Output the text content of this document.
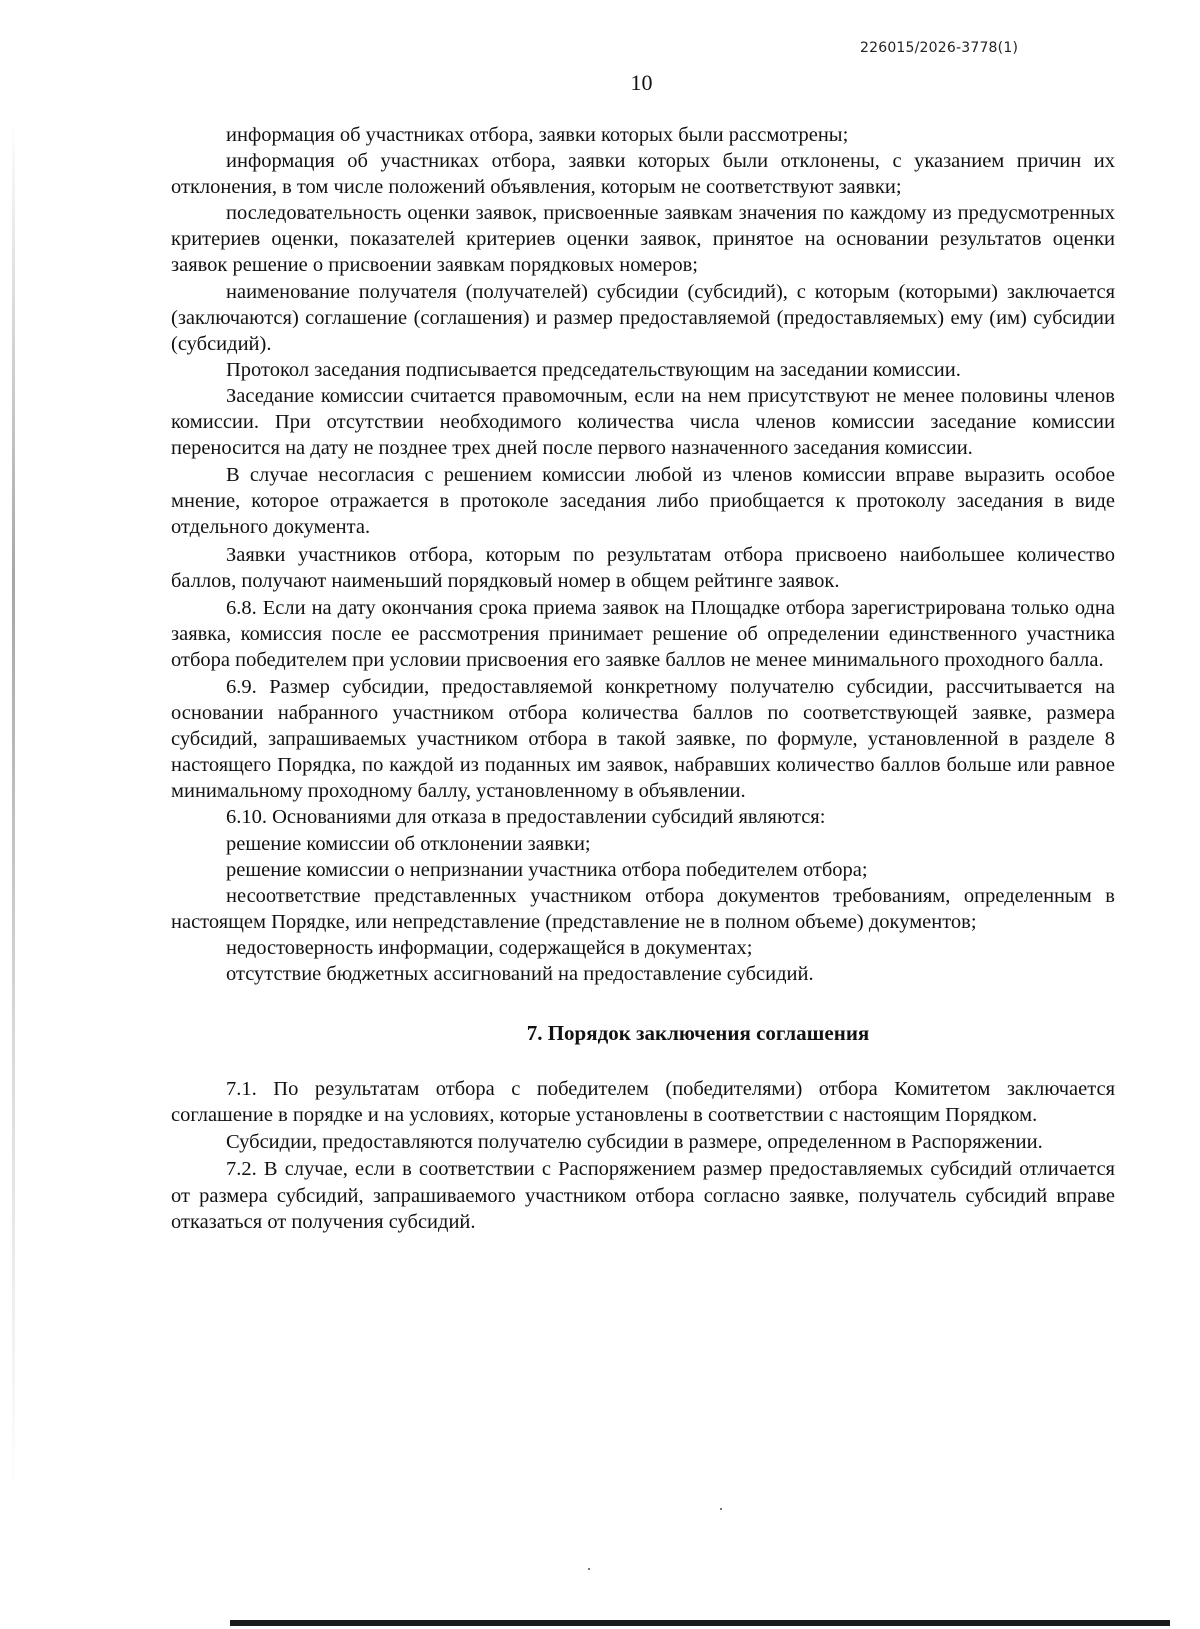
226015/2026-3778(1)
10

информация об участниках отбора, заявки которых были рассмотрены;

информация об участниках отбора, заявки которых были отклонены, с указанием причин их отклонения, в том числе положений объявления, которым не соответствуют заявки;

последовательность оценки заявок, присвоенные заявкам значения по каждому из предусмотренных критериев оценки, показателей критериев оценки заявок, принятое на основании результатов оценки заявок решение о присвоении заявкам порядковых номеров;

наименование получателя (получателей) субсидии (субсидий), с которым (которыми) заключается (заключаются) соглашение (соглашения) и размер предоставляемой (предоставляемых) ему (им) субсидии (субсидий).

Протокол заседания подписывается председательствующим на заседании комиссии.

Заседание комиссии считается правомочным, если на нем присутствуют не менее половины членов комиссии. При отсутствии необходимого количества числа членов комиссии заседание комиссии переносится на дату не позднее трех дней после первого назначенного заседания комиссии.

В случае несогласия с решением комиссии любой из членов комиссии вправе выразить особое мнение, которое отражается в протоколе заседания либо приобщается к протоколу заседания в виде отдельного документа.

Заявки участников отбора, которым по результатам отбора присвоено наибольшее количество баллов, получают наименьший порядковый номер в общем рейтинге заявок.

6.8. Если на дату окончания срока приема заявок на Площадке отбора зарегистрирована только одна заявка, комиссия после ее рассмотрения принимает решение об определении единственного участника отбора победителем при условии присвоения его заявке баллов не менее минимального проходного балла.

6.9. Размер субсидии, предоставляемой конкретному получателю субсидии, рассчитывается на основании набранного участником отбора количества баллов по соответствующей заявке, размера субсидий, запрашиваемых участником отбора в такой заявке, по формуле, установленной в разделе 8 настоящего Порядка, по каждой из поданных им заявок, набравших количество баллов больше или равное минимальному проходному баллу, установленному в объявлении.

6.10. Основаниями для отказа в предоставлении субсидий являются:

решение комиссии об отклонении заявки;

решение комиссии о непризнании участника отбора победителем отбора;

несоответствие представленных участником отбора документов требованиям, определенным в настоящем Порядке, или непредставление (представление не в полном объеме) документов;

недостоверность информации, содержащейся в документах;

отсутствие бюджетных ассигнований на предоставление субсидий.

7. Порядок заключения соглашения

7.1. По результатам отбора с победителем (победителями) отбора Комитетом заключается соглашение в порядке и на условиях, которые установлены в соответствии с настоящим Порядком.

Субсидии, предоставляются получателю субсидии в размере, определенном в Распоряжении.

7.2. В случае, если в соответствии с Распоряжением размер предоставляемых субсидий отличается от размера субсидий, запрашиваемого участником отбора согласно заявке, получатель субсидий вправе отказаться от получения субсидий.
